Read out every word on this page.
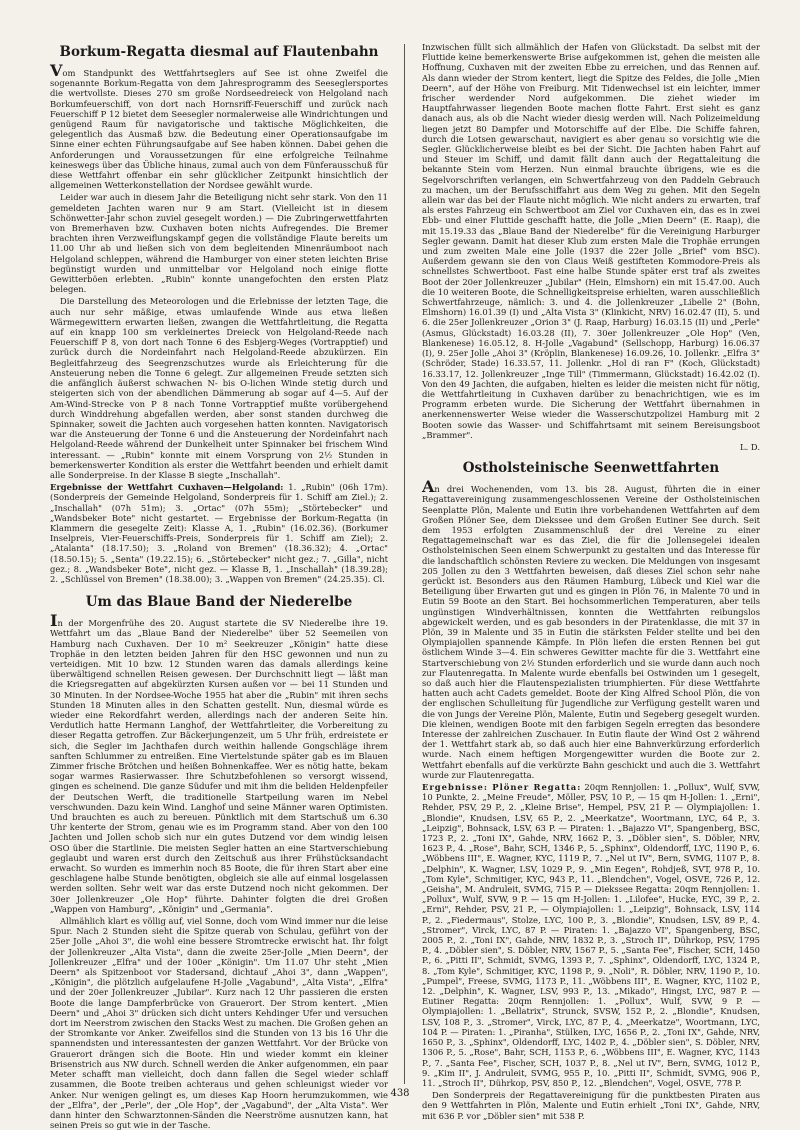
Borkum-Regatta diesmal auf Flautenbahn

Vom Standpunkt des Wettfahrtseglers auf See ist ohne Zweifel die sogenannte Borkum-Regatta von dem Jahresprogramm des Seeseglersportes die wertvollste. Dieses 270 sm große Nordseedreieck von Helgoland nach Borkumfeuerschiff, von dort nach Hornsriff-Feuerschiff und zurück nach Feuerschiff P 12 bietet dem Seesegler normalerweise alle Windrichtungen und genügend Raum für navigatorische und taktische Möglichkeiten, die gelegentlich das Ausmaß bzw. die Bedeutung einer Operationsaufgabe im Sinne einer echten Führungsaufgabe auf See haben können. Dabei gehen die Anforderungen und Voraussetzungen für eine erfolgreiche Teilnahme keineswegs über das Übliche hinaus, zumal auch von dem Fünferausschuß für diese Wettfahrt offenbar ein sehr glücklicher Zeitpunkt hinsichtlich der allgemeinen Wetterkonstellation der Nordsee gewählt wurde.

Leider war auch in diesem Jahr die Beteiligung nicht sehr stark. Von den 11 gemeldeten Jachten waren nur 9 am Start. (Vielleicht ist in diesem Schönwetter-Jahr schon zuviel gesegelt worden.) — Die Zubringerwettfahrten von Bremerhaven bzw. Cuxhaven boten nichts Aufregendes. Die Bremer brachten ihren Verzweiflungskampf gegen die vollständige Flaute bereits um 11.00 Uhr ab und ließen sich von dem begleitenden Minenräumboot nach Helgoland schleppen, während die Hamburger von einer steten leichten Brise begünstigt wurden und unmittelbar vor Helgoland noch einige flotte Gewitterböen erlebten. „Rubin" konnte unangefochten den ersten Platz belegen.

Die Darstellung des Meteorologen und die Erlebnisse der letzten Tage, die auch nur sehr mäßige, etwas umlaufende Winde aus etwa ließen Wärmegewittern erwarten ließen, zwangen die Wettfahrtleitung, die Regatta auf ein knapp 100 sm verkleinertes Dreieck von Helgoland-Reede nach Feuerschiff P 8, von dort nach Tonne 6 des Esbjerg-Weges (Vortrapptief) und zurück durch die Nordeinfahrt nach Helgoland-Reede abzukürzen. Ein Begleitfahrzeug des Seegrenzschutzes wurde als Erleichterung für die Ansteuerung neben die Tonne 6 gelegt. Zur allgemeinen Freude setzten sich die anfänglich äußerst schwachen N- bis O-lichen Winde stetig durch und steigerten sich von der abendlichen Dämmerung ab sogar auf 4—5. Auf der Am-Wind-Strecke von P 8 nach Tonne Vortrapptief mußte vorübergehend durch Winddrehung abgefallen werden, aber sonst standen durchweg die Spinnaker, soweit die Jachten auch vorgesehen hatten konnten. Navigatorisch war die Ansteuerung der Tonne 6 und die Ansteuerung der Nordeinfahrt nach Helgoland-Reede während der Dunkelheit unter Spinnaker bei frischem Wind interessant. — „Rubin" konnte mit einem Vorsprung von 2½ Stunden in bemerkenswerter Kondition als erster die Wettfahrt beenden und erhielt damit alle Sonderpreise. In der Klasse B siegte „Inschallah".

Ergebnisse der Wettfahrt Cuxhaven—Helgoland: 1. „Rubin" (06h 17m). (Sonderpreis der Gemeinde Helgoland, Sonderpreis für 1. Schiff am Ziel.); 2. „Inschallah" (07h 51m); 3. „Ortac" (07h 55m); „Störtebecker" und „Wandsbeker Bote" nicht gestartet. — Ergebnisse der Borkum-Regatta (in Klammern die gesegelte Zeit): Klasse A, 1. „Rubin" (16.02.36). (Borkumer Inselpreis, Vier-Feuerschiffs-Preis, Sonderpreis für 1. Schiff am Ziel); 2. „Atalanta" (18.17.50); 3. „Roland von Bremen" (18.36.32); 4. „Ortac" (18.50.15); 5. „Senta" (19.22.15); 6. „Störtebecker" nicht gez.; 7. „Gilla", nicht gez.; 8. „Wandsbeker Bote", nicht gez. — Klasse B, 1. „Inschallah" (18.39.28); 2. „Schlüssel von Bremen" (18.38.00); 3. „Wappen von Bremen" (24.25.35). Cl.

Um das Blaue Band der Niederelbe

In der Morgenfrühe des 20. August startete die SV Niederelbe ihre 19. Wettfahrt um das „Blaue Band der Niederelbe" über 52 Seemeilen von Hamburg nach Cuxhaven. Der 10 m² Seekreuzer „Königin" hatte diese Trophäe in den letzten beiden Jahren für den HSC gewonnen und nun zu verteidigen. Mit 10 bzw. 12 Stunden waren das damals allerdings keine überwältigend schnellen Reisen gewesen. Der Durchschnitt liegt — läßt man die Kriegsregatten auf abgekürzten Kursen außen vor — bei 11 Stunden und 30 Minuten. In der Nordsee-Woche 1955 hat aber die „Rubin" mit ihren sechs Stunden 18 Minuten alles in den Schatten gestellt. Nun, diesmal würde es wieder eine Rekordfahrt werden, allerdings nach der anderen Seite hin. Verdutlich hatte Hermann Langhof, der Wettfahrtleiter, die Vorbereitung zu dieser Regatta getroffen. Zur Bäckerjungenzeit, um 5 Uhr früh, erdreistete er sich, die Segler im Jachthafen durch weithin hallende Gongschläge ihrem sanften Schlummer zu entreißen. Eine Viertelstunde später gab es im Blauen Zimmer frische Brötchen und heißen Bohnenkaffee. Wer es nötig hatte, bekam sogar warmes Rasierwasser. Ihre Schutzbefohlenen so versorgt wissend, gingen es scheinend. Die ganze Südufer und mit ihm die beliden Heldenpfeiler der Deutschen Werft, die traditionelle Startpeilung waren im Nebel verschwunden. Dazu kein Wind. Langhof und seine Männer waren Optimisten. Und brauchten es auch zu bereuen. Pünktlich mit dem Startschuß um 6.30 Uhr kenterte der Strom, genau wie es im Programm stand. Aber von den 100 Jachten und Jollen schob sich nur ein gutes Dutzend vor dem windig leisen OSO über die Startlinie. Die meisten Segler hatten an eine Startverschiebung geglaubt und waren erst durch den Zeitschuß aus ihrer Frühstücksandacht erwacht. So wurden es immerhin noch 85 Boote, die für ihren Start aber eine geschlagene halbe Stunde benötigten, obgleich sie alle auf einmal losgelassen werden sollten. Sehr weit war das erste Dutzend noch nicht gekommen. Der 30er Jollenkreuzer „Ole Hop" führte. Dahinter folgten die drei Großen „Wappen von Hamburg", „Königin" und „Germania".

Allmählich klart es völlig auf, viel Sonne, doch vom Wind immer nur die leise Spur. Nach 2 Stunden sieht die Spitze querab von Schulau, geführt von der 25er Jolle „Ahoi 3", die wohl eine bessere Stromtrecke erwischt hat. Ihr folgt der Jollenkreuzer „Alta Vista", dann die zweite 25er-Jolle „Mien Deern", der Jollenkreuzer „Elfra" und der 100er „Königin". Um 11.07 Uhr steht „Mien Deern" als Spitzenboot vor Stadersand, dichtauf „Ahoi 3", dann „Wappen", „Königin", die plötzlich aufgelaufene H-Jolle „Vagabund", „Alta Vista", „Elfra" und der 20er Jollenkreuzer „Jubilar". Kurz nach 12 Uhr passieren die ersten Boote die lange Dampferbrücke von Grauerort. Der Strom kentert. „Mien Deern" und „Ahoi 3" drücken sich dicht unters Kehdinger Ufer und versuchen dort im Neerstrom zwischen den Stacks West zu machen. Die Großen gehen an der Stromkante vor Anker. Zweifellos sind die Stunden von 13 bis 16 Uhr die spannendsten und interessantesten der ganzen Wettfahrt. Vor der Brücke von Grauerort drängen sich die Boote. Hin und wieder kommt ein kleiner Brisenstrich aus NW durch. Schnell werden die Anker aufgenommen, ein paar Meter schafft man vielleicht, doch dann fallen die Segel wieder schlaff zusammen, die Boote treiben achteraus und gehen schleunigst wieder vor Anker. Nur wenigen gelingt es, um dieses Kap Hoorn herumzukommen, wie der „Elfra", der „Perle", der „Ole Hop", der „Vagabund", der „Alta Vista". Wer dann hinter den Schwarztonnen-Sänden die Neerströme ausnutzen kann, hat seinen Preis so gut wie in der Tasche.

Inzwischen füllt sich allmählich der Hafen von Glückstadt. Da selbst mit der Fluttide keine bemerkenswerte Brise aufgekommen ist, gehen die meisten alle Hoffnung, Cuxhaven mit der zweiten Ebbe zu erreichen, und das Rennen auf. Als dann wieder der Strom kentert, liegt die Spitze des Feldes, die Jolle „Mien Deern", auf der Höhe von Freiburg. Mit Tidenwechsel ist ein leichter, immer frischer werdender Nord aufgekommen. Die ziehet wieder im Hauptfahrwasser liegenden Boote machen flotte Fahrt. Erst sieht es ganz danach aus, als ob die Nacht wieder diesig werden will. Nach Polizeimeldung liegen jetzt 80 Dampfer und Motorschiffe auf der Elbe. Die Schiffe fahren, durch die Lotsen gewarschaut, navigiert es aber genau so vorsichtig wie die Segler. Glücklicherweise bleibt es bei der Sicht. Die Jachten haben Fahrt auf und Steuer im Schiff, und damit fällt dann auch der Regattaleitung die bekannte Stein vom Herzen. Nun einmal brauchte übrigens, wie es die Segelvorschriften verlangen, ein Schwertfahrzeug von den Paddeln Gebrauch zu machen, um der Berufsschiffahrt aus dem Weg zu gehen. Mit den Segeln allein war das bei der Flaute nicht möglich. Wie nicht anders zu erwarten, traf als erstes Fahrzeug ein Schwertboot am Ziel vor Cuxhaven ein, das es in zwei Ebb- und einer Fluttide geschafft hatte, die Jolle „Mien Deern" (E. Raap), die mit 15.19.33 das „Blaue Band der Niederelbe" für die Vereinigung Harburger Segler gewann. Damit hat dieser Klub zum ersten Male die Trophäe errungen und zum zweiten Male eine Jolle (1937 die 22er Jolle „Brief" vom BSC). Außerdem gewann sie den von Claus Weiß gestifteten Kommodore-Preis als schnellstes Schwertboot. Fast eine halbe Stunde später erst traf als zweites Boot der 20er Jollenkreuzer „Jubilar" (Hein, Elmshorn) ein mit 15.47.00. Auch die 10 weiteren Boote, die Schnelligkeitspreise erhielten, waren ausschließlich Schwertfahrzeuge, nämlich: 3. und 4. die Jollenkreuzer „Libelle 2" (Bohn, Elmshorn) 16.01.39 (I) und „Alta Vista 3" (Klinkicht, NRV) 16.02.47 (II), 5. und 6. die 25er Jollenkreuzer „Orion 3" (J. Raap, Harburg) 16.03.15 (II) und „Perle" (Asmus, Glückstadt) 16.03.28 (II), 7. 30er Jollenkreuzer „Ole Hop" (Ven, Blankenese) 16.05.12, 8. H-Jolle „Vagabund" (Sellschopp, Harburg) 16.06.37 (I), 9. 25er Jolle „Ahoi 3" (Kröplin, Blankenese) 16.09.26, 10. Jollenkr. „Elfra 3" (Schröder, Stade) 16.33.57, 11. Jollenkr. „Hol di ran F" (Koch, Glückstadt) 16.33.17, 12. Jollenkreuzer „Inge Till" (Timmermann, Glückstadt) 16.42.02 (I). Von den 49 Jachten, die aufgaben, hielten es leider die meisten nicht für nötig, die Wettfahrtleitung in Cuxhaven darüber zu benachrichtigen, wie es im Programm erbeten wurde. Die Sicherung der Wettfahrt übernahmen in anerkennenswerter Weise wieder die Wasserschutzpolizei Hamburg mit 2 Booten sowie das Wasser- und Schiffahrtsamt mit seinem Bereisungsboot „Brammer".

L. D.

Ostholsteinische Seenwettfahrten

An drei Wochenenden, vom 13. bis 28. August, führten die in einer Regattavereinigung zusammengeschlossenen Vereine der Ostholsteinischen Seenplatte Plön, Malente und Eutin ihre vorbehandenen Wettfahrten auf dem Großen Plöner See, dem Diekssee und dem Großen Eutiner See durch. Seit dem 1953 erfolgten Zusammenschluß der drei Vereine zu einer Regattagemeinschaft war es das Ziel, die für die Jollensegelei idealen Ostholsteinischen Seen einem Schwerpunkt zu gestalten und das Interesse für die landschaftlich schönsten Reviere zu wecken. Die Meldungen von insgesamt 205 Jollen zu den 3 Wettfahrten beweisen, daß dieses Ziel schon sehr nahe gerückt ist. Besonders aus den Räumen Hamburg, Lübeck und Kiel war die Beteiligung über Erwarten gut und es gingen in Plön 76, in Malente 70 und in Eutin 59 Boote an den Start. Bei hochsommerlichen Temperaturen, aber teils ungünstigen Windverhältnissen, konnten die Wettfahrten reibungslos abgewickelt werden, und es gab besonders in der Piratenklasse, die mit 37 in Plön, 39 in Malente und 35 in Eutin die stärksten Felder stellte und bei den Olympiajollen spannende Kämpfe. In Plön liefen die ersten Rennen bei gut östlichem Winde 3—4. Ein schweres Gewitter machte für die 3. Wettfahrt eine Startverschiebung von 2½ Stunden erforderlich und sie wurde dann auch noch zur Flautenregatta. In Malente wurde ebenfalls bei Ostwinden um 1 gesegelt, so daß auch hier die Flautenspezialisten triumphierten. Für diese Wettfahrte hatten auch acht Cadets gemeldet. Boote der King Alfred School Plön, die von der englischen Schulleitung für Jugendliche zur Verfügung gestellt waren und die von Jungs der Vereine Plön, Malente, Eutin und Segeberg gesegelt wurden. Die kleinen, wendigen Boote mit den farbigen Segeln erregten das besondere Interesse der zahlreichen Zuschauer. In Eutin flaute der Wind Ost 2 während der 1. Wettfahrt stark ab, so daß auch hier eine Bahnverkürzung erforderlich wurde. Nach einem heftigen Morgengewitter wurden die Boote zur 2. Wettfahrt ebenfalls auf die verkürzte Bahn geschickt und auch die 3. Wettfahrt wurde zur Flautenregatta.

Ergebnisse: Plöner Regatta: 20qm Rennjollen: 1. „Pollux", Wulf, SVW, 10 Punkte, 2. „Meine Freude", Möller, PSV, 10 P., — 15 qm H-Jollen: 1. „Erni", Rehder, PSV, 29 P., 2. „Kleine Brise", Hempel, PSV, 21 P. — Olympiajollen: 1. „Blondie", Knudsen, LSV, 65 P., 2. „Meerkatze", Woortmann, LYC, 64 P., 3. „Leipzig", Bohnsack, LSV, 63 P. — Piraten: 1. „Bajazzo VI", Spangenberg, BSC, 1723 P., 2. „Toni IX", Gahde, NRV, 1662 P., 3. „Döbler sien", S. Döbler, NRV, 1623 P., 4. „Rose", Bahr, SCH, 1346 P., 5. „Sphinx", Oldendorff, LYC, 1190 P., 6. „Wöbbens III", E. Wagner, KYC, 1119 P., 7. „Nel ut IV", Bern, SVMG, 1107 P., 8. „Delphin", K. Wagner, LSV, 1029 P., 9. „Min Eegen", Rohdjeß, SVT, 978 P., 10. „Tom Kyle", Schmitiger, KYC, 943 P., 11. „Blendchen", Vogel, OSVE, 726 P., 12. „Geisha", M. Andruleit, SVMG, 715 P. — Diekssee Regatta: 20qm Rennjollen: 1. „Pollux", Wulf, SVW, 9 P. — 15 qm H-Jollen: 1. „Lilofee", Hucke, EYC, 39 P., 2. „Erni", Rehder, PSV, 21 P., — Olympiajollen: 1. „Leipzig", Bohnsack, LSV, 114 P., 2. „Fiedermaus", Stolze, LYC, 100 P., 3. „Blondie", Knudsen, LSV, 89 P., 4. „Stromer", Virck, LYC, 87 P. — Piraten: 1. „Bajazzo VI", Spangenberg, BSC, 2005 P., 2. „Toni IX", Gahde, NRV, 1832 P., 3. „Stroch II", Dührkop, PSV, 1795 P., 4. „Döbler sien", S. Döbler, NRV, 1567 P., 5. „Santa Fee", Fischer, SCH, 1450 P., 6. „Pitti II", Schmidt, SVMG, 1393 P., 7. „Sphinx", Oldendorff, LYC, 1324 P., 8. „Tom Kyle", Schmitiger, KYC, 1198 P., 9. „Noli", R. Döbler, NRV, 1190 P., 10. „Pumpel", Freese, SVMG, 1173 P., 11. „Wöbbens III", E. Wagner, KYC, 1102 P., 12. „Delphin", K. Wagner, LSV, 993 P., 13. „Mikado", Hingst, LYC, 987 P. — Eutiner Regatta: 20qm Rennjollen: 1. „Pollux", Wulf, SVW, 9 P. — Olympiajollen: 1. „Bellatrix", Strunck, SVSW, 152 P., 2. „Blondie", Knudsen, LSV, 108 P., 3. „Stromer", Virck, LYC, 87 P., 4. „Meerkatze", Woortmann, LYC, 104 P. — Piraten: 1. „Piranha", Stülken, LYC, 1656 P., 2. „Toni IX", Gahde, NRV, 1650 P., 3. „Sphinx", Oldendorff, LYC, 1402 P., 4. „Döbler sien", S. Döbler, NRV, 1306 P., 5. „Rose", Bahr, SCH, 1153 P., 6. „Wöbbens III", E. Wagner, KYC, 1143 P., 7. „Santa Fee", Fischer, SCH, 1037 P., 8. „Nel ut IV", Bern, SVMG, 1012 P., 9. „Kim II", J. Andruleit, SVMG, 955 P., 10. „Pitti II", Schmidt, SVMG, 906 P., 11. „Stroch II", Dührkop, PSV, 850 P., 12. „Blendchen", Vogel, OSVE, 778 P.

Den Sonderpreis der Regattavereinigung für die punktbesten Piraten aus den 9 Wettfahrten in Plön, Malente und Eutin erhielt „Toni IX", Gahde, NRV, mit 636 P. vor „Döbler sien" mit 538 P.

438
